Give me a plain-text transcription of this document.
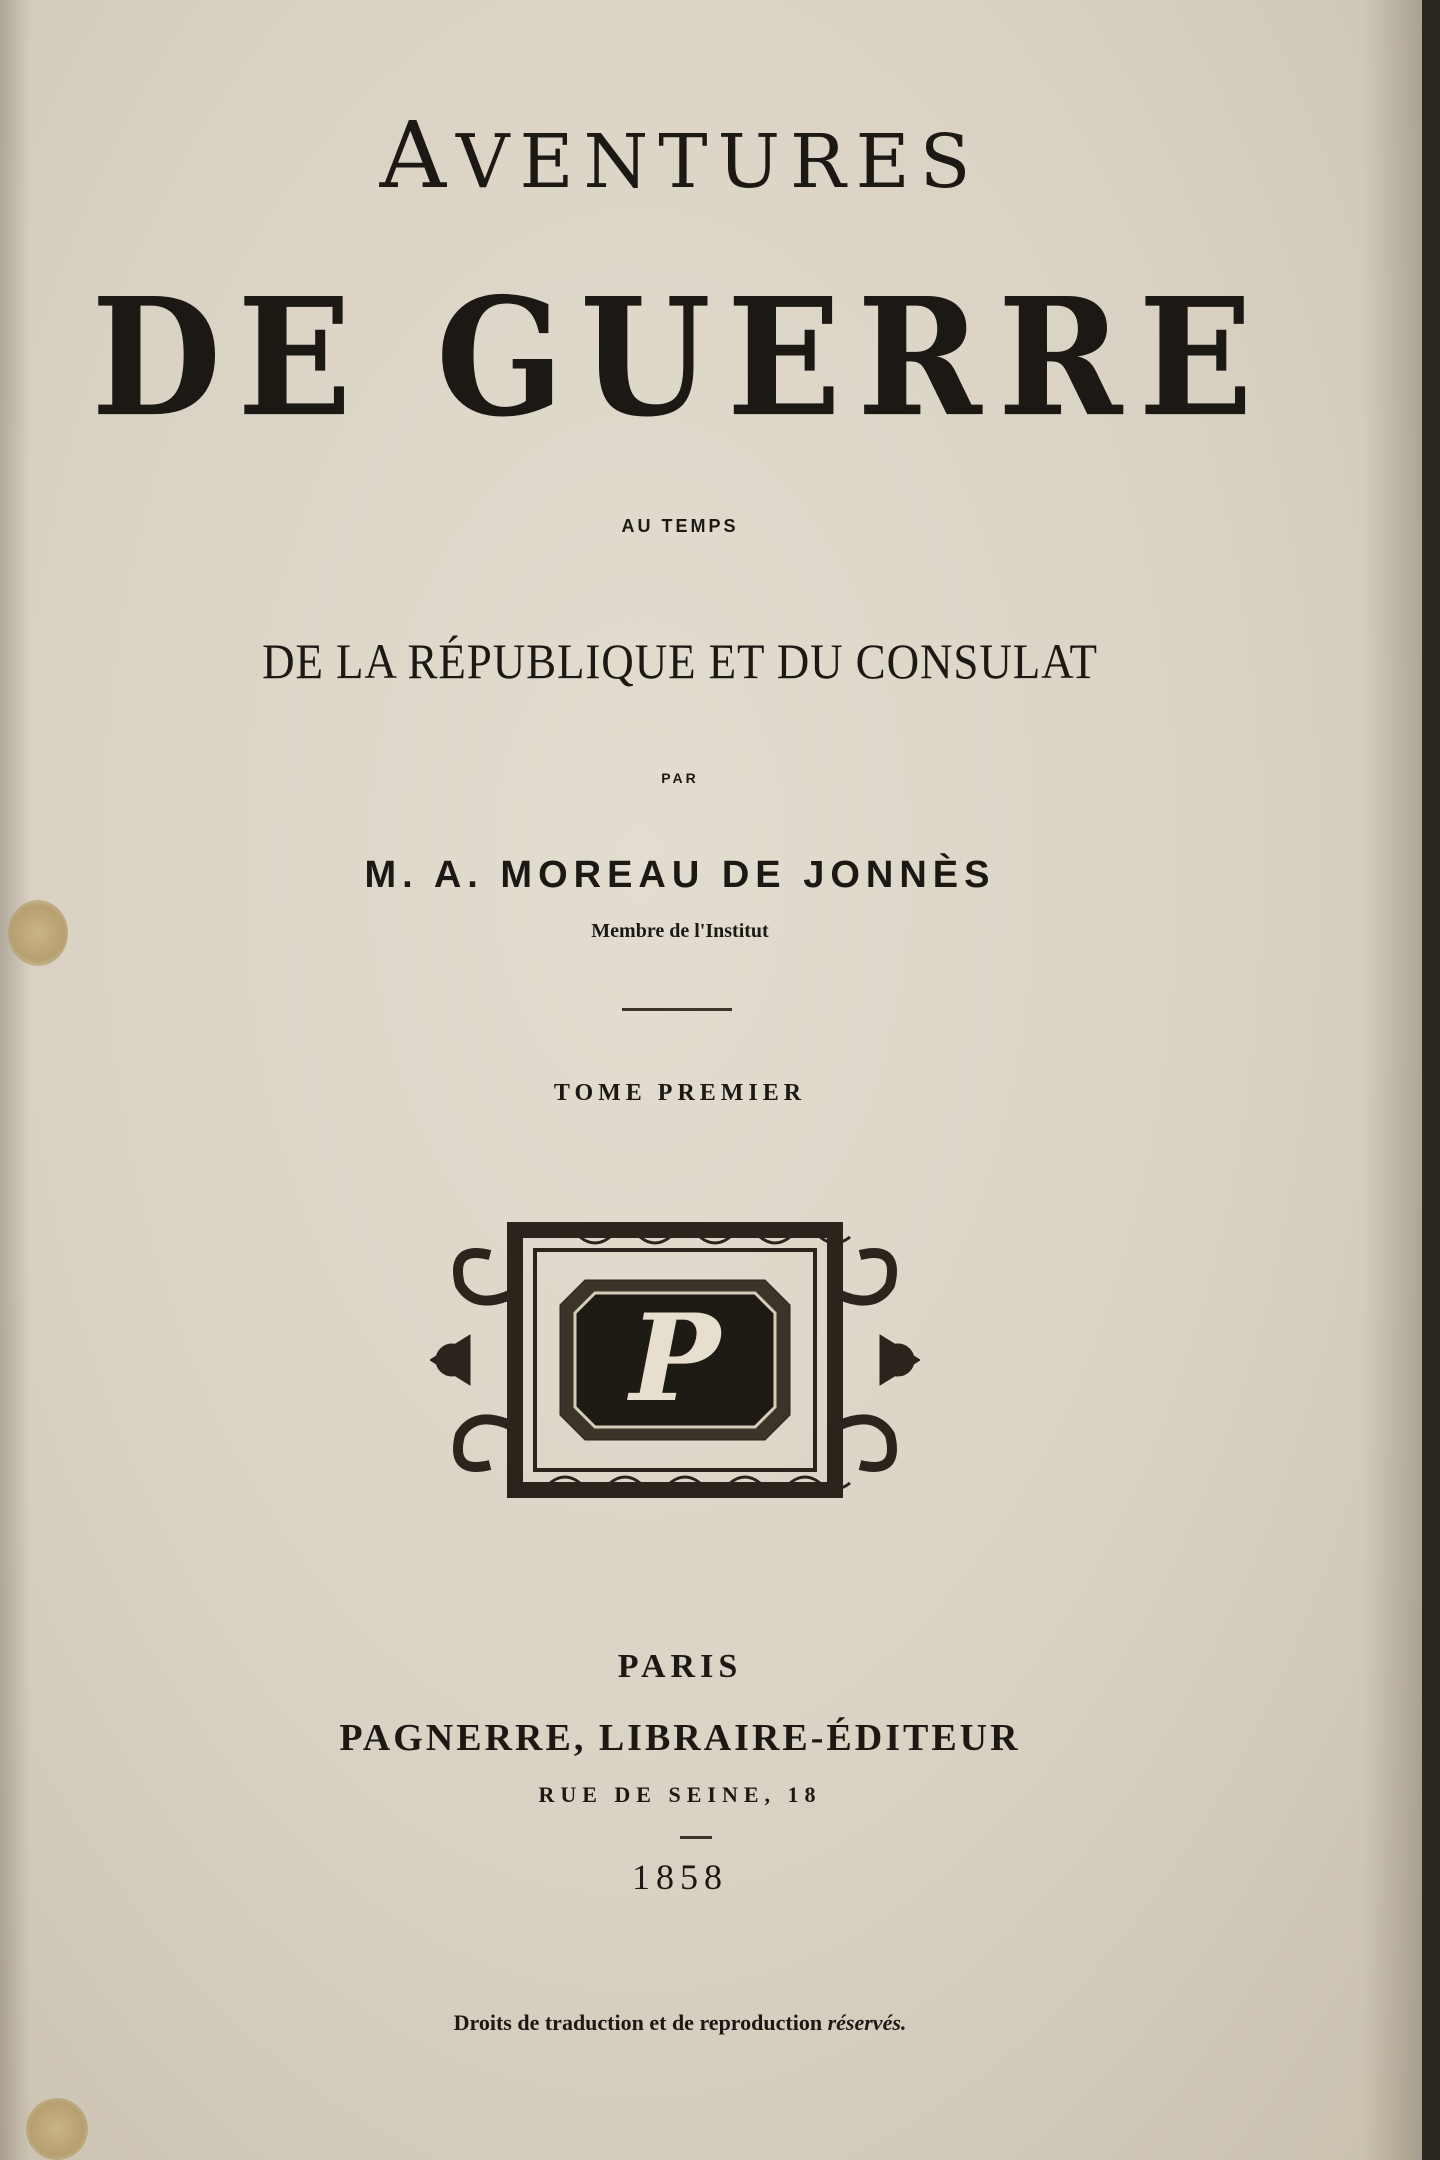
AVENTURES

DE GUERRE

AU TEMPS

DE LA RÉPUBLIQUE ET DU CONSULAT

PAR

M. A. MOREAU DE JONNÈS

Membre de l'Institut

TOME PREMIER

P

PARIS

PAGNERRE, LIBRAIRE-ÉDITEUR

RUE DE SEINE, 18

1858

Droits de traduction et de reproduction réservés.
